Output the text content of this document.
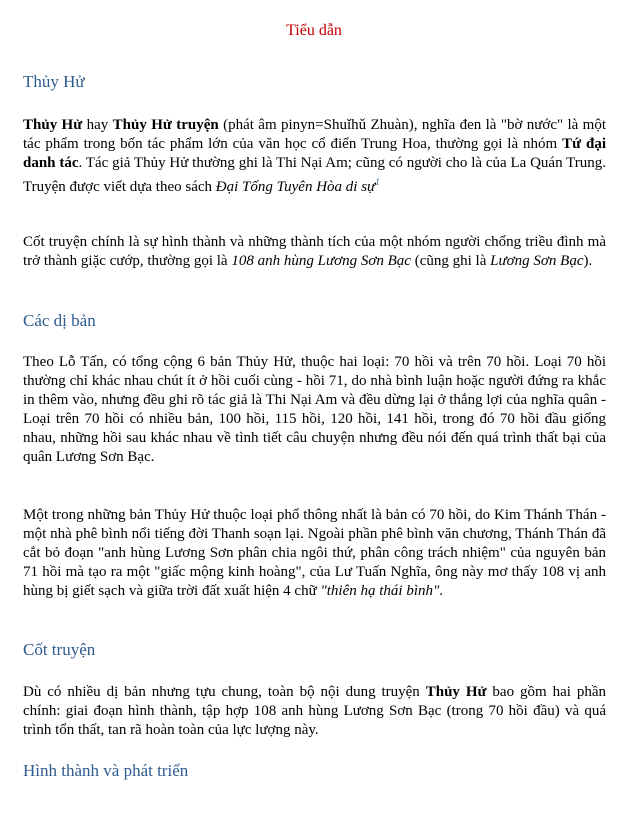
Tiểu dẫn
Thủy Hử
Thủy Hử hay Thủy Hử truyện (phát âm pinyn=Shuǐhǔ Zhuàn), nghĩa đen là "bờ nước" là một tác phẩm trong bốn tác phẩm lớn của văn học cổ điển Trung Hoa, thường gọi là nhóm Tứ đại danh tác. Tác giả Thủy Hử thường ghi là Thi Nại Am; cũng có người cho là của La Quán Trung. Truyện được viết dựa theo sách Đại Tống Tuyên Hòa di sự$^1$
Cốt truyện chính là sự hình thành và những thành tích của một nhóm người chống triều đình mà trở thành giặc cướp, thường gọi là 108 anh hùng Lương Sơn Bạc (cũng ghi là Lương Sơn Bạc).
Các dị bản
Theo Lỗ Tấn, có tổng cộng 6 bản Thủy Hử, thuộc hai loại: 70 hồi và trên 70 hồi. Loại 70 hồi thường chỉ khác nhau chút ít ở hồi cuối cùng - hồi 71, do nhà bình luận hoặc người đứng ra khắc in thêm vào, nhưng đều ghi rõ tác giả là Thi Nại Am và đều dừng lại ở thắng lợi của nghĩa quân - Loại trên 70 hồi có nhiều bản, 100 hồi, 115 hồi, 120 hồi, 141 hồi, trong đó 70 hồi đầu giống nhau, những hồi sau khác nhau về tình tiết câu chuyện nhưng đều nói đến quá trình thất bại của quân Lương Sơn Bạc.
Một trong những bản Thủy Hử thuộc loại phổ thông nhất là bản có 70 hồi, do Kim Thánh Thán - một nhà phê bình nổi tiếng đời Thanh soạn lại. Ngoài phần phê bình văn chương, Thánh Thán đã cắt bỏ đoạn "anh hùng Lương Sơn phân chia ngôi thứ, phân công trách nhiệm" của nguyên bản 71 hồi mà tạo ra một "giấc mộng kinh hoàng", của Lư Tuấn Nghĩa, ông này mơ thấy 108 vị anh hùng bị giết sạch và giữa trời đất xuất hiện 4 chữ "thiên hạ thái bình".
Cốt truyện
Dù có nhiều dị bản nhưng tựu chung, toàn bộ nội dung truyện Thủy Hử bao gồm hai phần chính: giai đoạn hình thành, tập hợp 108 anh hùng Lương Sơn Bạc (trong 70 hồi đầu) và quá trình tổn thất, tan rã hoàn toàn của lực lượng này.
Hình thành và phát triển
